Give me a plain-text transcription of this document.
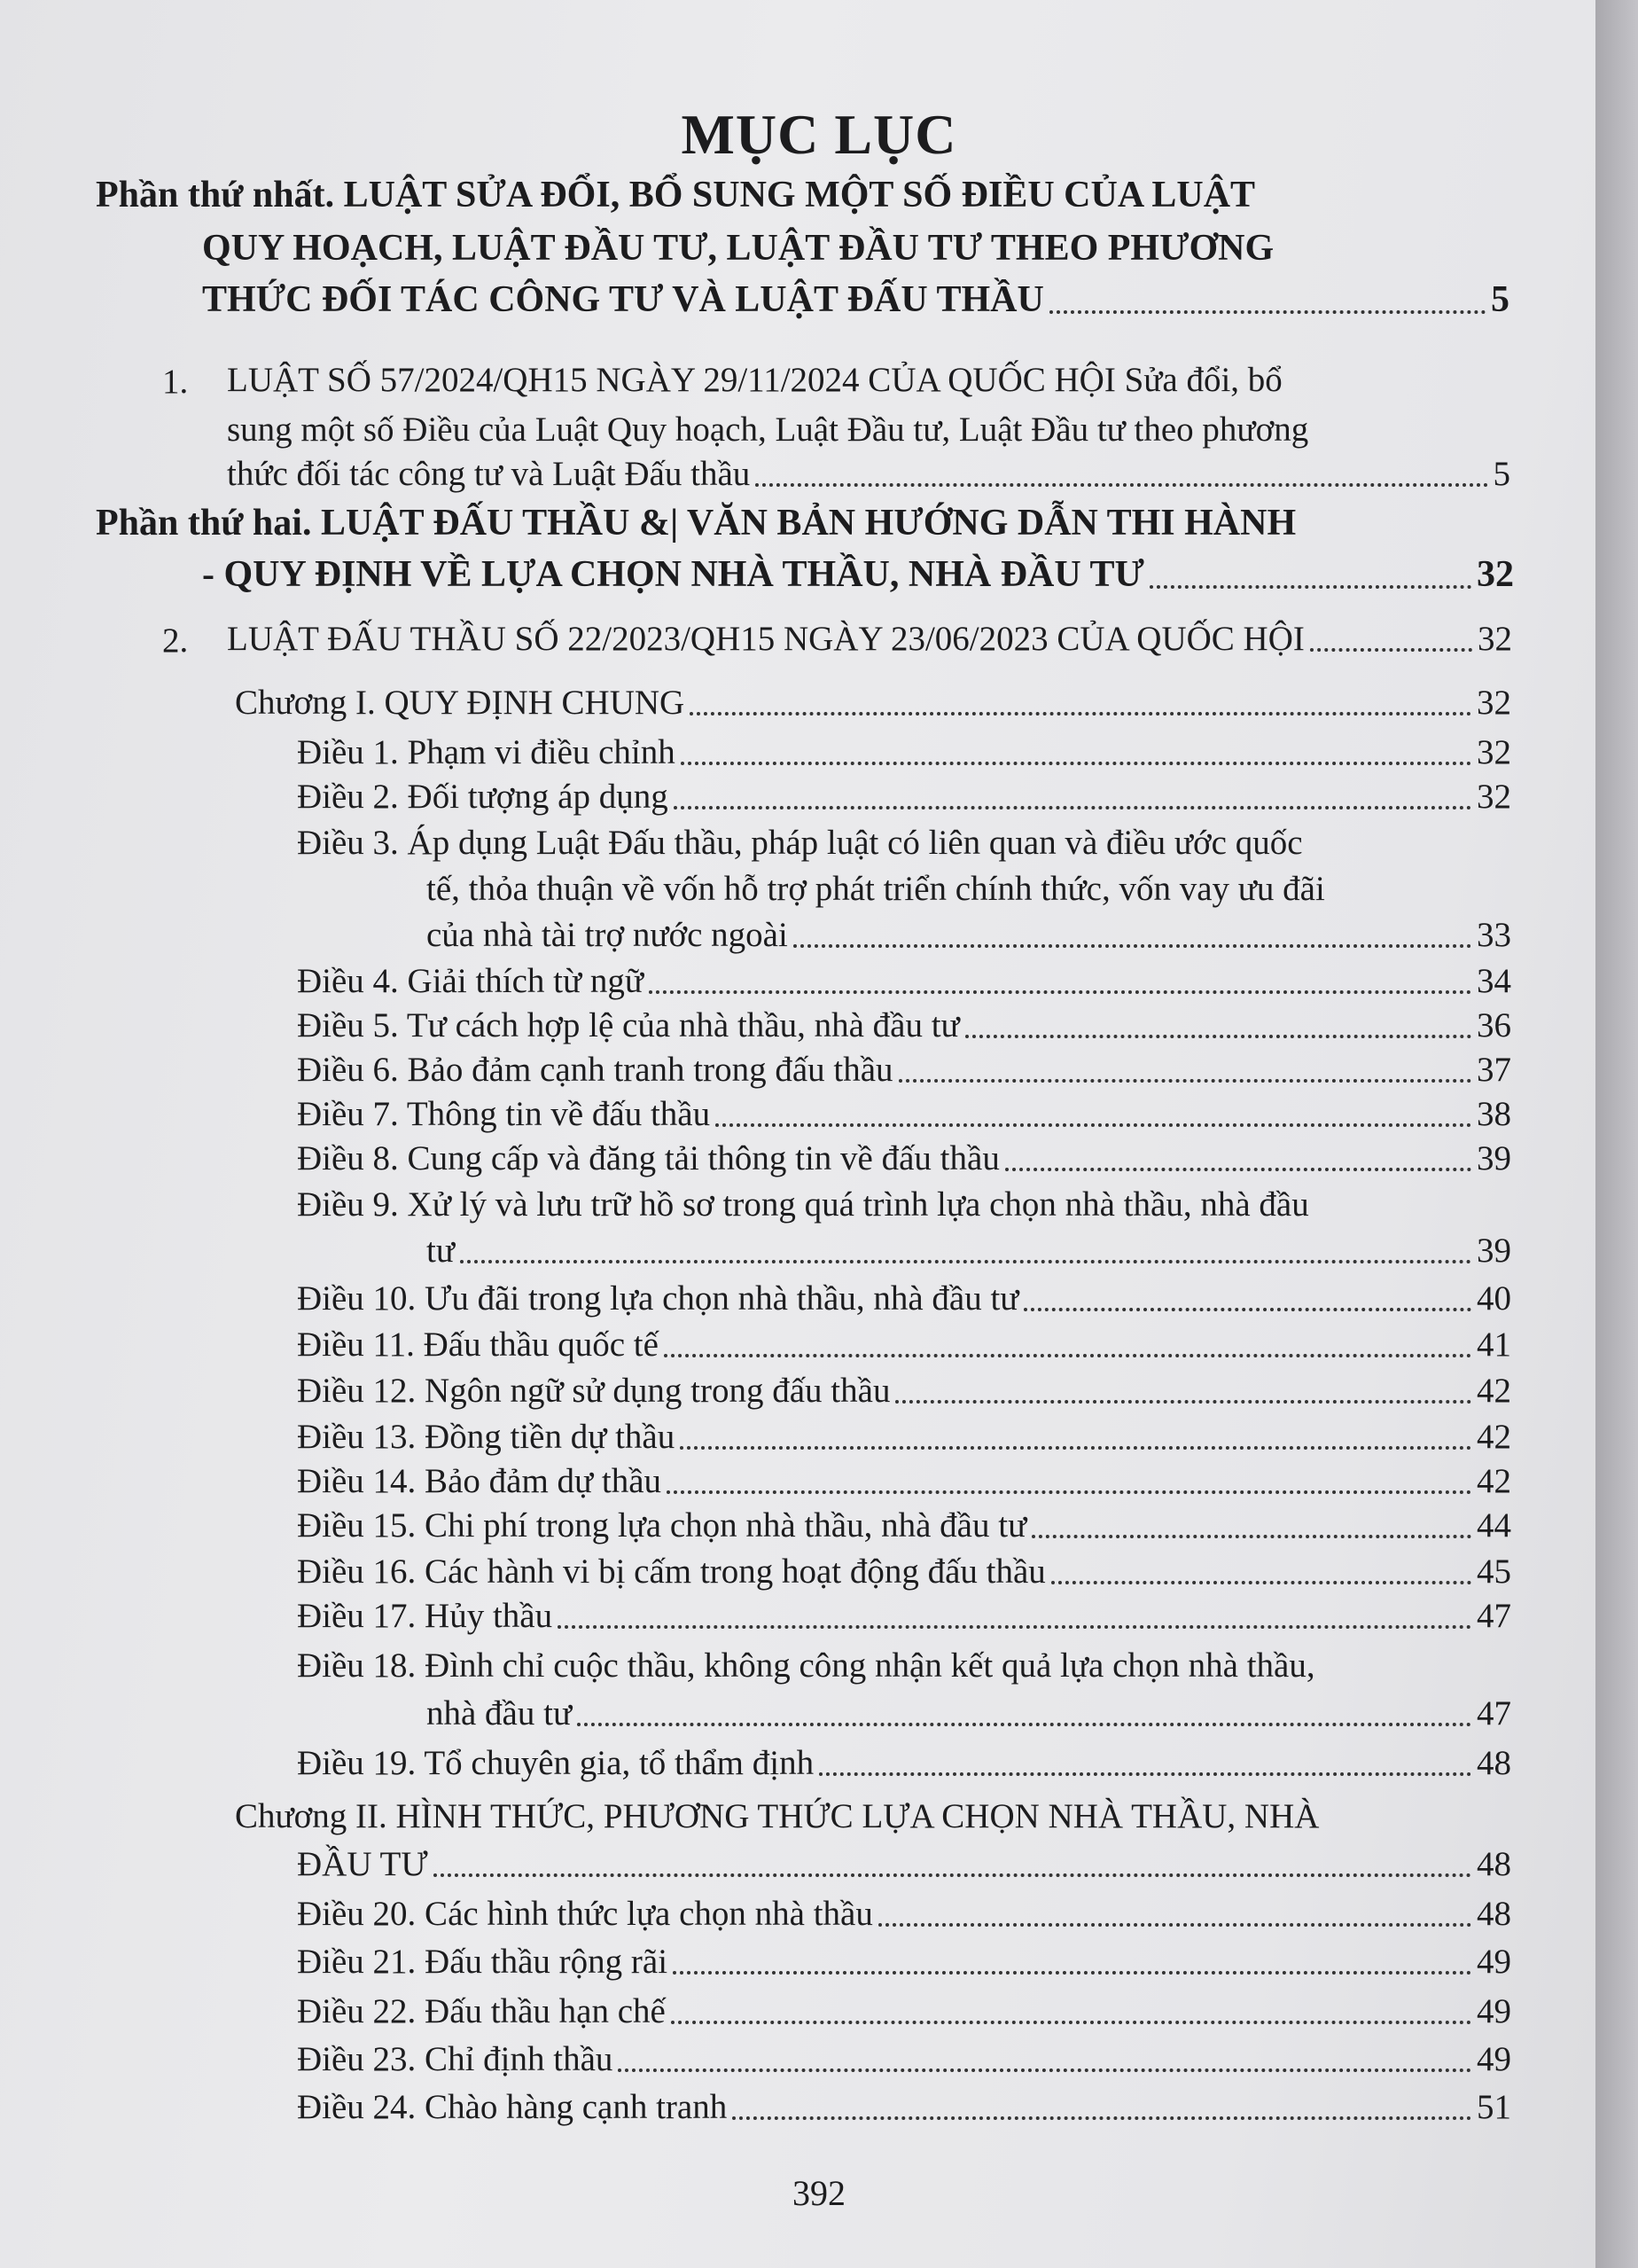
MỤC LỤC
Phần thứ nhất. LUẬT SỬA ĐỔI, BỔ SUNG MỘT SỐ ĐIỀU CỦA LUẬT
QUY HOẠCH, LUẬT ĐẦU TƯ, LUẬT ĐẦU TƯ THEO PHƯƠNG
THỨC ĐỐI TÁC CÔNG TƯ VÀ LUẬT ĐẤU THẦU	5
1. LUẬT SỐ 57/2024/QH15 NGÀY 29/11/2024 CỦA QUỐC HỘI Sửa đổi, bổ
sung một số Điều của Luật Quy hoạch, Luật Đầu tư, Luật Đầu tư theo phương
thức đối tác công tư và Luật Đấu thầu	5
Phần thứ hai. LUẬT ĐẤU THẦU &| VĂN BẢN HƯỚNG DẪN THI HÀNH
- QUY ĐỊNH VỀ LỰA CHỌN NHÀ THẦU, NHÀ ĐẦU TƯ	32
2. LUẬT ĐẤU THẦU SỐ 22/2023/QH15 NGÀY 23/06/2023 CỦA QUỐC HỘI	32
Chương I. QUY ĐỊNH CHUNG	32
Điều 1. Phạm vi điều chỉnh	32
Điều 2. Đối tượng áp dụng	32
Điều 3. Áp dụng Luật Đấu thầu, pháp luật có liên quan và điều ước quốc
tế, thỏa thuận về vốn hỗ trợ phát triển chính thức, vốn vay ưu đãi
của nhà tài trợ nước ngoài	33
Điều 4. Giải thích từ ngữ	34
Điều 5. Tư cách hợp lệ của nhà thầu, nhà đầu tư	36
Điều 6. Bảo đảm cạnh tranh trong đấu thầu	37
Điều 7. Thông tin về đấu thầu	38
Điều 8. Cung cấp và đăng tải thông tin về đấu thầu	39
Điều 9. Xử lý và lưu trữ hồ sơ trong quá trình lựa chọn nhà thầu, nhà đầu
tư	39
Điều 10. Ưu đãi trong lựa chọn nhà thầu, nhà đầu tư	40
Điều 11. Đấu thầu quốc tế	41
Điều 12. Ngôn ngữ sử dụng trong đấu thầu	42
Điều 13. Đồng tiền dự thầu	42
Điều 14. Bảo đảm dự thầu	42
Điều 15. Chi phí trong lựa chọn nhà thầu, nhà đầu tư	44
Điều 16. Các hành vi bị cấm trong hoạt động đấu thầu	45
Điều 17. Hủy thầu	47
Điều 18. Đình chỉ cuộc thầu, không công nhận kết quả lựa chọn nhà thầu,
nhà đầu tư	47
Điều 19. Tổ chuyên gia, tổ thẩm định	48
Chương II. HÌNH THỨC, PHƯƠNG THỨC LỰA CHỌN NHÀ THẦU, NHÀ
ĐẦU TƯ	48
Điều 20. Các hình thức lựa chọn nhà thầu	48
Điều 21. Đấu thầu rộng rãi	49
Điều 22. Đấu thầu hạn chế	49
Điều 23. Chỉ định thầu	49
Điều 24. Chào hàng cạnh tranh	51
392
